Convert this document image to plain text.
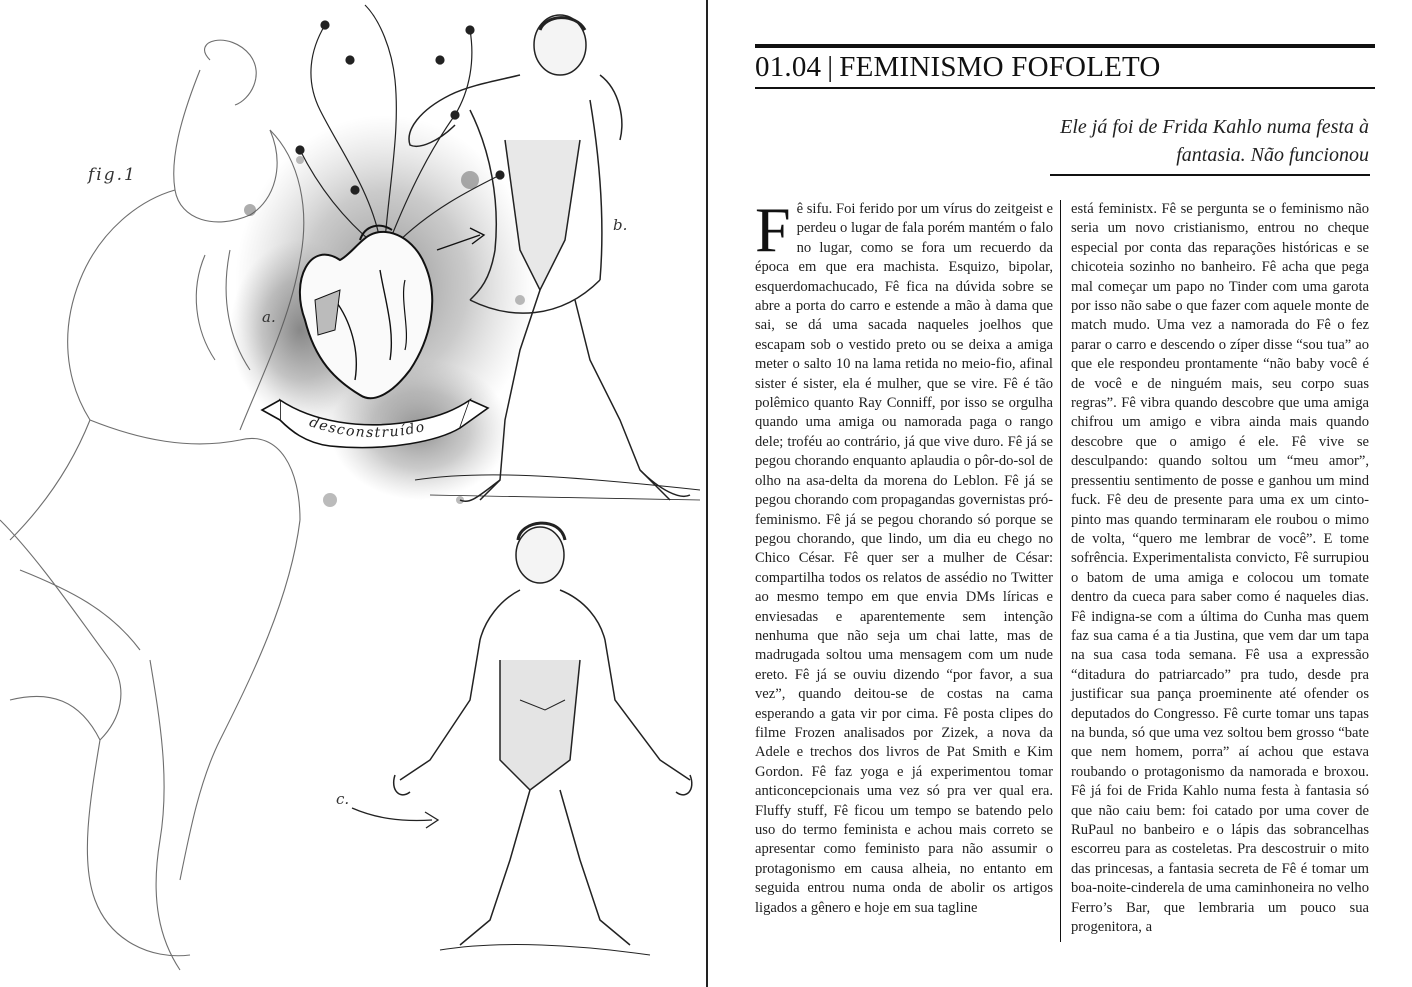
desconstruído
fig.1
a.
b.
c.
01.04 | FEMINISMO FOFOLETO
Ele já foi de Frida Kahlo numa festa à fantasia. Não funcionou
F ê sifu. Foi ferido por um vírus do zeitgeist e perdeu o lugar de fala porém mantém o falo no lugar, como se fora um recuerdo da época em que era machista. Esquizo, bipolar, esquerdomachucado, Fê fica na dúvida sobre se abre a porta do carro e estende a mão à dama que sai, se dá uma sacada naqueles joelhos que escapam sob o vestido preto ou se deixa a amiga meter o salto 10 na lama retida no meio-fio, afinal sister é sister, ela é mulher, que se vire. Fê é tão polêmico quanto Ray Conniff, por isso se orgulha quando uma amiga ou namorada paga o rango dele; troféu ao contrário, já que vive duro. Fê já se pegou chorando enquanto aplaudia o pôr-do-sol de olho na asa-delta da morena do Leblon. Fê já se pegou chorando com propagandas governistas pró-feminismo. Fê já se pegou chorando só porque se pegou chorando, que lindo, um dia eu chego no Chico César. Fê quer ser a mulher de César: compartilha todos os relatos de assédio no Twitter ao mesmo tempo em que envia DMs líricas e enviesadas e aparentemente sem intenção nenhuma que não seja um chai latte, mas de madrugada soltou uma mensagem com um nude ereto. Fê já se ouviu dizendo “por favor, a sua vez”, quando deitou-se de costas na cama esperando a gata vir por cima. Fê posta clipes do filme Frozen analisados por Zizek, a nova da Adele e trechos dos livros de Pat Smith e Kim Gordon. Fê faz yoga e já experimentou tomar anticoncepcionais uma vez só pra ver qual era. Fluffy stuff, Fê ficou um tempo se batendo pelo uso do termo feminista e achou mais correto se apresentar como feministo para não assumir o protagonismo em causa alheia, no entanto em seguida entrou numa onda de abolir os artigos ligados a gênero e hoje em sua tagline

está feministx. Fê se pergunta se o feminismo não seria um novo cristianismo, entrou no cheque especial por conta das reparações históricas e se chicoteia sozinho no banheiro. Fê acha que pega mal começar um papo no Tinder com uma garota por isso não sabe o que fazer com aquele monte de match mudo. Uma vez a namorada do Fê o fez parar o carro e descendo o zíper disse “sou tua” ao que ele respondeu prontamente “não baby você é de você e de ninguém mais, seu corpo suas regras”. Fê vibra quando descobre que uma amiga chifrou um amigo e vibra ainda mais quando descobre que o amigo é ele. Fê vive se desculpando: quando soltou um “meu amor”, pressentiu sentimento de posse e ganhou um mind fuck. Fê deu de presente para uma ex um cinto-pinto mas quando terminaram ele roubou o mimo de volta, “quero me lembrar de você”. E tome sofrência. Experimentalista convicto, Fê surrupiou o batom de uma amiga e colocou um tomate dentro da cueca para saber como é naqueles dias. Fê indigna-se com a última do Cunha mas quem faz sua cama é a tia Justina, que vem dar um tapa na sua casa toda semana. Fê usa a expressão “ditadura do patriarcado” pra tudo, desde pra justificar sua pança proeminente até ofender os deputados do Congresso. Fê curte tomar uns tapas na bunda, só que uma vez soltou bem grosso “bate que nem homem, porra” aí achou que estava roubando o protagonismo da namorada e broxou. Fê já foi de Frida Kahlo numa festa à fantasia só que não caiu bem: foi catado por uma cover de RuPaul no banbeiro e o lápis das sobrancelhas escorreu para as costeletas. Pra descostruir o mito das princesas, a fantasia secreta de Fê é tomar um boa-noite-cinderela de uma caminhoneira no velho Ferro’s Bar, que lembraria um pouco sua progenitora, a
